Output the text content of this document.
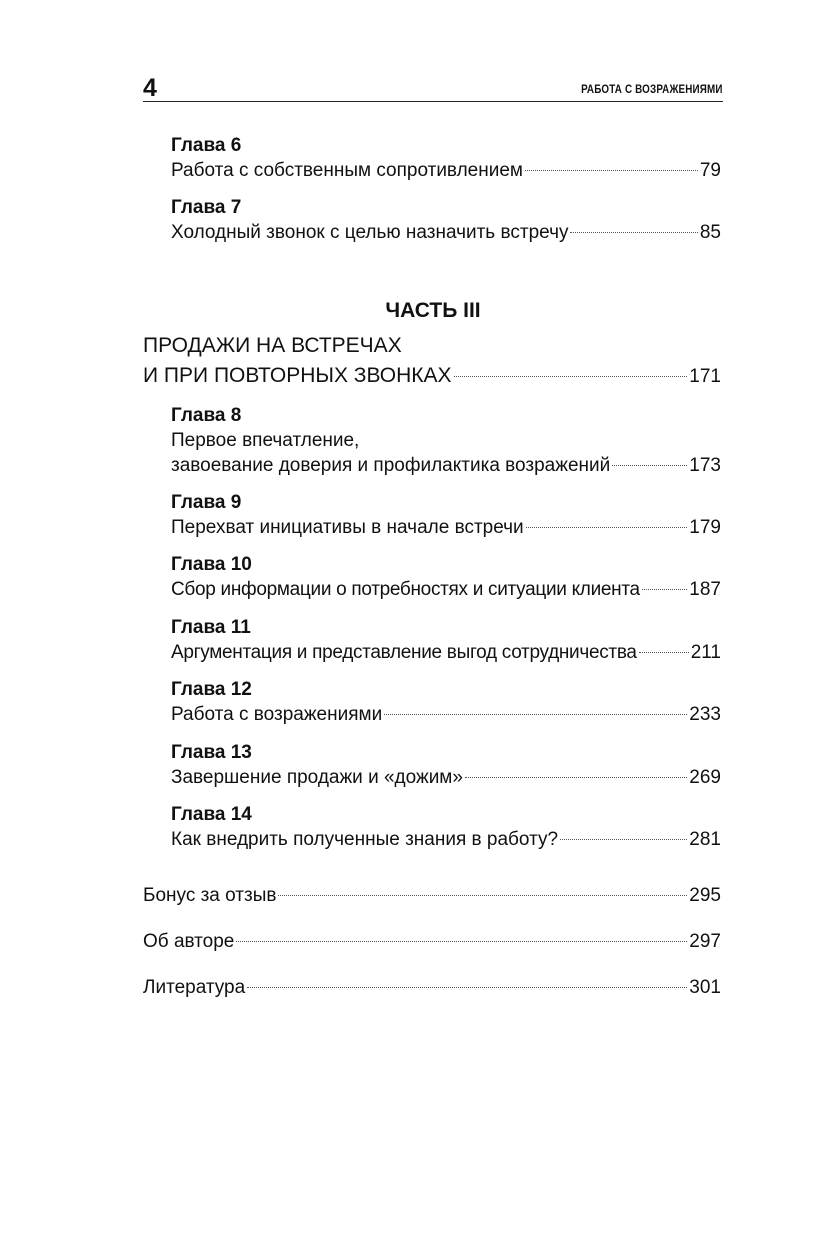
4	РАБОТА С ВОЗРАЖЕНИЯМИ
Глава 6
Работа с собственным сопротивлением	79
Глава 7
Холодный звонок с целью назначить встречу	85
ЧАСТЬ III
ПРОДАЖИ НА ВСТРЕЧАХ
И ПРИ ПОВТОРНЫХ ЗВОНКАХ	171
Глава 8
Первое впечатление,
завоевание доверия и профилактика возражений	173
Глава 9
Перехват инициативы в начале встречи	179
Глава 10
Сбор информации о потребностях и ситуации клиента	187
Глава 11
Аргументация и представление выгод сотрудничества	211
Глава 12
Работа с возражениями	233
Глава 13
Завершение продажи и «дожим»	269
Глава 14
Как внедрить полученные знания в работу?	281
Бонус за отзыв	295
Об авторе	297
Литература	301
